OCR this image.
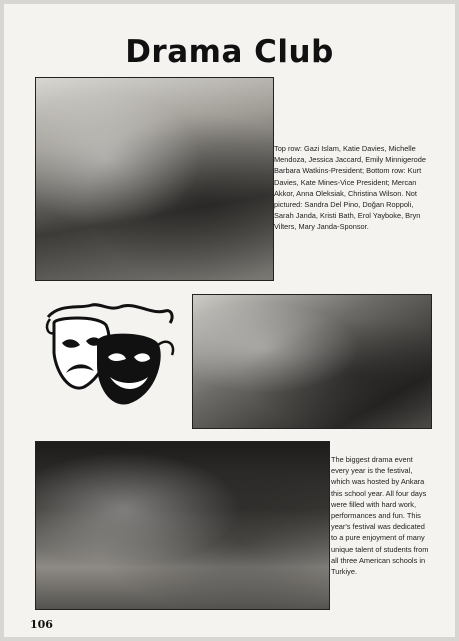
Drama Club
Top row: Gazi Islam, Katie Davies, Michelle Mendoza, Jessica Jaccard, Emily Minnigerode Barbara Watkins-President; Bottom row: Kurt Davies, Kate Mines-Vice President; Mercan Akkor, Anna Oleksiak, Christina Wilson. Not pictured: Sandra Del Pino, Doğan Roppoli, Sarah Janda, Kristi Bath, Erol Yayboke, Bryn Vilters, Mary Janda-Sponsor.
The biggest drama event every year is the festival, which was hosted by Ankara this school year. All four days were filled with hard work, performances and fun. This year's festival was dedicated to a pure enjoyment of many unique talent of students from all three American schools in Turkiye.
106
